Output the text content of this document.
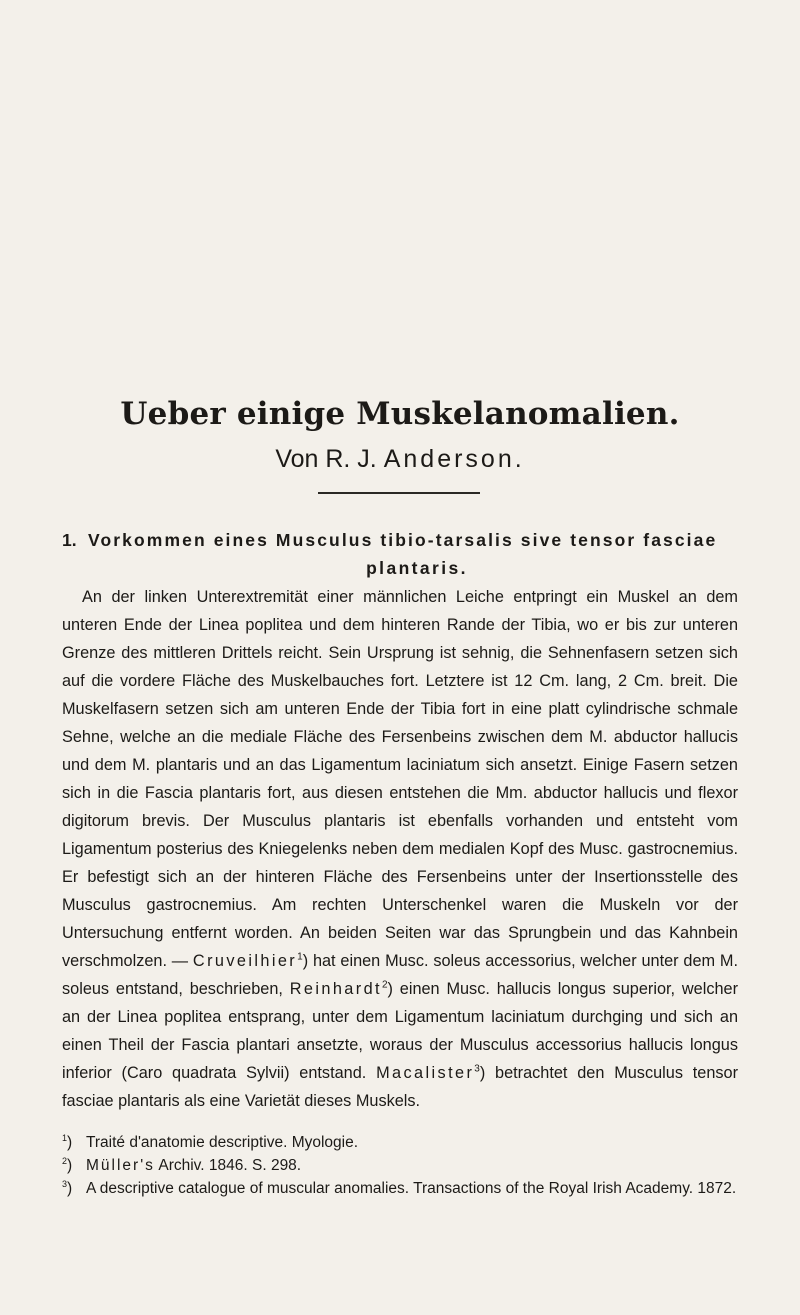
Ueber einige Muskelanomalien.

Von R. J. Anderson.

1. Vorkommen eines Musculus tibio-tarsalis sive tensor fasciae
plantaris.

An der linken Unterextremität einer männlichen Leiche entpringt ein Muskel an dem unteren Ende der Linea poplitea und dem hinteren Rande der Tibia, wo er bis zur unteren Grenze des mittleren Drittels reicht. Sein Ursprung ist sehnig, die Sehnenfasern setzen sich auf die vordere Fläche des Muskelbauches fort. Letztere ist 12 Cm. lang, 2 Cm. breit. Die Muskelfasern setzen sich am unteren Ende der Tibia fort in eine platt cylindrische schmale Sehne, welche an die mediale Fläche des Fersenbeins zwischen dem M. abductor hallucis und dem M. plantaris und an das Ligamentum laciniatum sich ansetzt. Einige Fasern setzen sich in die Fascia plantaris fort, aus diesen entstehen die Mm. abductor hallucis und flexor digitorum brevis. Der Musculus plantaris ist ebenfalls vorhanden und entsteht vom Ligamentum posterius des Kniegelenks neben dem medialen Kopf des Musc. gastrocnemius. Er befestigt sich an der hinteren Fläche des Fersenbeins unter der Insertionsstelle des Musculus gastrocnemius. Am rechten Unterschenkel waren die Muskeln vor der Untersuchung entfernt worden. An beiden Seiten war das Sprungbein und das Kahnbein verschmolzen. — Cruveilhier$^1$) hat einen Musc. soleus accessorius, welcher unter dem M. soleus entstand, beschrieben, Reinhardt$^2$) einen Musc. hallucis longus superior, welcher an der Linea poplitea entsprang, unter dem Ligamentum laciniatum durchging und sich an einen Theil der Fascia plantari ansetzte, woraus der Musculus accessorius hallucis longus inferior (Caro quadrata Sylvii) entstand. Macalister$^3$) betrachtet den Musculus tensor fasciae plantaris als eine Varietät dieses Muskels.

$^1$) Traité d'anatomie descriptive. Myologie.
$^2$) Müller's Archiv. 1846. S. 298.
$^3$) A descriptive catalogue of muscular anomalies. Transactions of the Royal Irish Academy. 1872.
